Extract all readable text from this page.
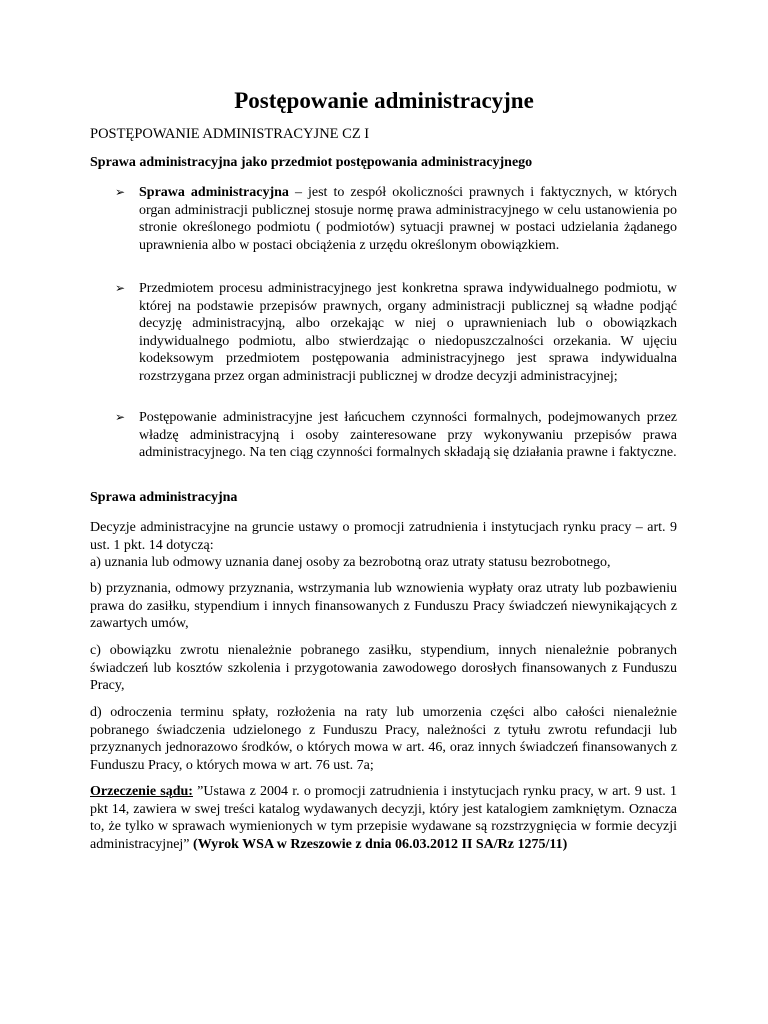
Postępowanie administracyjne
POSTĘPOWANIE ADMINISTRACYJNE CZ I
Sprawa administracyjna jako przedmiot postępowania administracyjnego
➢ Sprawa administracyjna – jest to zespół okoliczności prawnych i faktycznych, w których organ administracji publicznej stosuje normę prawa administracyjnego w celu ustanowienia po stronie określonego podmiotu ( podmiotów) sytuacji prawnej w postaci udzielania żądanego uprawnienia albo w postaci obciążenia z urzędu określonym obowiązkiem.
➢ Przedmiotem procesu administracyjnego jest konkretna sprawa indywidualnego podmiotu, w której na podstawie przepisów prawnych, organy administracji publicznej są władne podjąć decyzję administracyjną, albo orzekając w niej o uprawnieniach lub o obowiązkach indywidualnego podmiotu, albo stwierdzając o niedopuszczalności orzekania. W ujęciu kodeksowym przedmiotem postępowania administracyjnego jest sprawa indywidualna rozstrzygana przez organ administracji publicznej w drodze decyzji administracyjnej;
➢ Postępowanie administracyjne jest łańcuchem czynności formalnych, podejmowanych przez władzę administracyjną i osoby zainteresowane przy wykonywaniu przepisów prawa administracyjnego. Na ten ciąg czynności formalnych składają się działania prawne i faktyczne.
Sprawa administracyjna
Decyzje administracyjne na gruncie ustawy o promocji zatrudnienia i instytucjach rynku pracy – art. 9 ust. 1 pkt. 14 dotyczą:
a) uznania lub odmowy uznania danej osoby za bezrobotną oraz utraty statusu bezrobotnego,
b) przyznania, odmowy przyznania, wstrzymania lub wznowienia wypłaty oraz utraty lub pozbawieniu prawa do zasiłku, stypendium i innych finansowanych z Funduszu Pracy świadczeń niewynikających z zawartych umów,
c) obowiązku zwrotu nienależnie pobranego zasiłku, stypendium, innych nienależnie pobranych świadczeń lub kosztów szkolenia i przygotowania zawodowego dorosłych finansowanych z Funduszu Pracy,
d) odroczenia terminu spłaty, rozłożenia na raty lub umorzenia części albo całości nienależnie pobranego świadczenia udzielonego z Funduszu Pracy, należności z tytułu zwrotu refundacji lub przyznanych jednorazowo środków, o których mowa w art. 46, oraz innych świadczeń finansowanych z Funduszu Pracy, o których mowa w art. 76 ust. 7a;
Orzeczenie sądu: ”Ustawa z 2004 r. o promocji zatrudnienia i instytucjach rynku pracy, w art. 9 ust. 1 pkt 14, zawiera w swej treści katalog wydawanych decyzji, który jest katalogiem zamkniętym. Oznacza to, że tylko w sprawach wymienionych w tym przepisie wydawane są rozstrzygnięcia w formie decyzji administracyjnej” (Wyrok WSA w Rzeszowie z dnia 06.03.2012 II SA/Rz 1275/11)
